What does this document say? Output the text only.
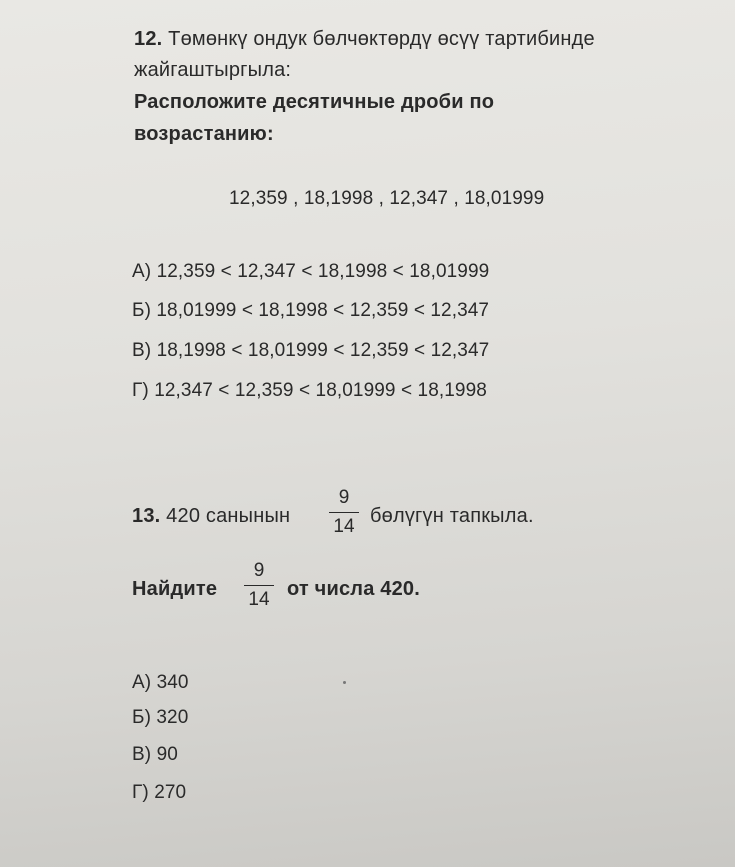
12. Төмөнкү ондук бөлчөктөрдү өсүү тартибинде
жайгаштыргыла:
Расположите десятичные дроби по
возрастанию:
12,359 , 18,1998 , 12,347 , 18,01999
А) 12,359 < 12,347 < 18,1998 < 18,01999
Б) 18,01999 < 18,1998 < 12,359 < 12,347
В) 18,1998 < 18,01999 < 12,359 < 12,347
Г) 12,347 < 12,359 < 18,01999 < 18,1998
13. 420 санынын
9
14 бөлүгүн тапкыла.
Найдите
9
14 от числа 420.
А) 340
Б) 320
В) 90
Г) 270
